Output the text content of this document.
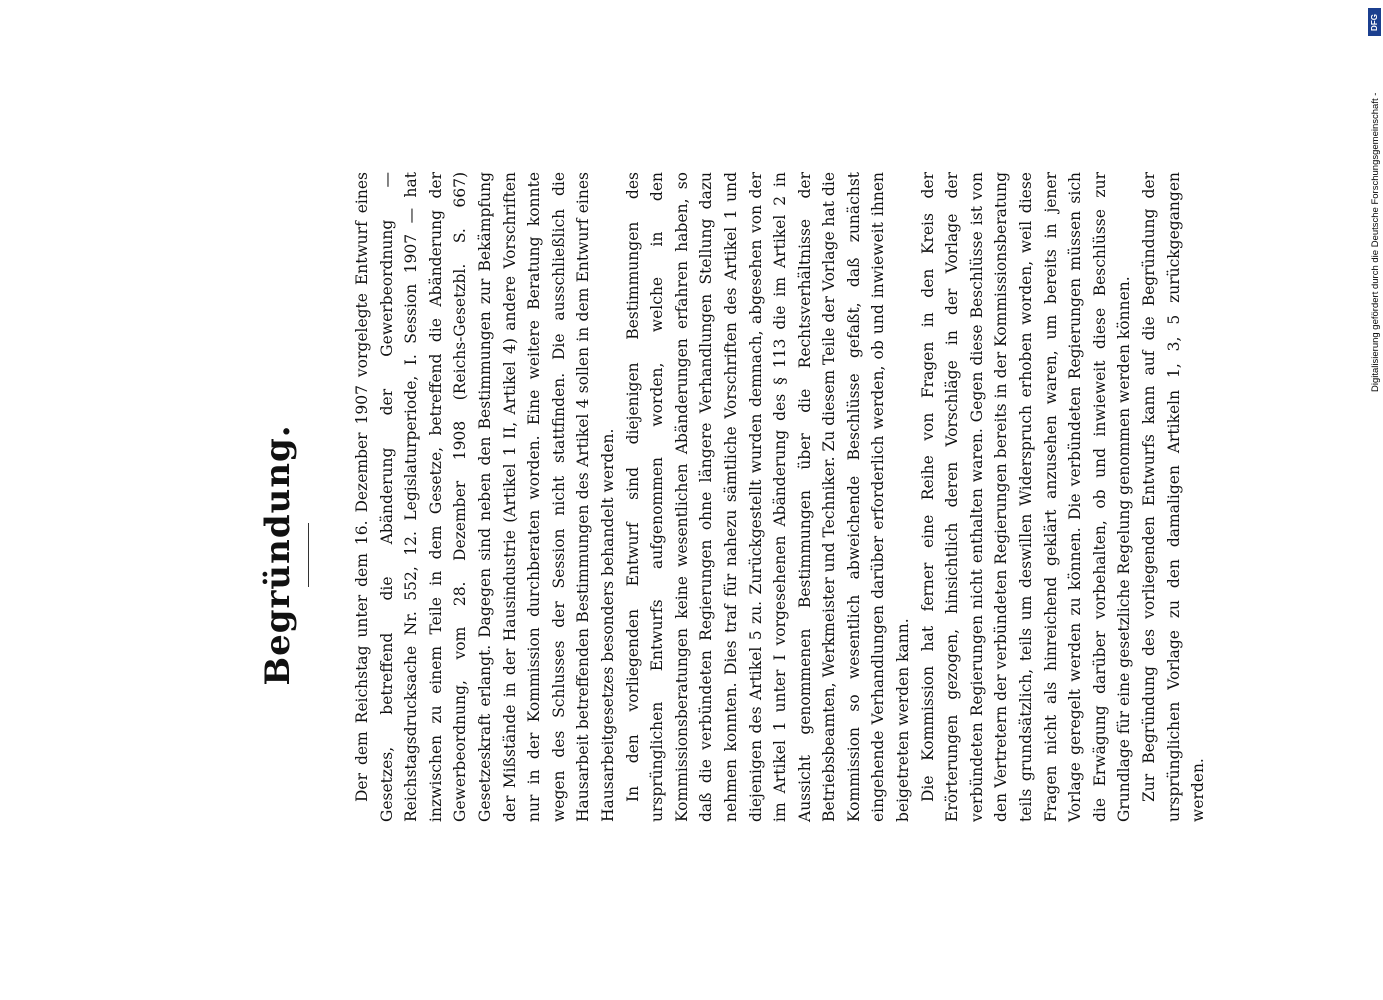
Begründung.	Der dem Reichstag unter dem 16. Dezember 1907 vorgelegte Entwurf eines Gesetzes, betreffend die Abänderung der Gewerbeordnung — Reichstagsdrucksache Nr. 552, 12. Legislaturperiode, I. Session 1907 — hat inzwischen zu einem Teile in dem Gesetze, betreffend die Abänderung der Gewerbeordnung, vom 28. Dezember 1908 (Reichs-Gesetzbl. S. 667) Gesetzeskraft erlangt. Dagegen sind neben den Bestimmungen zur Bekämpfung der Mißstände in der Hausindustrie (Artikel 1 II, Artikel 4) andere Vorschriften nur in der Kommission durchberaten worden. Eine weitere Beratung konnte wegen des Schlusses der Session nicht stattfinden. Die ausschließlich die Hausarbeit betreffenden Bestimmungen des Artikel 4 sollen in dem Entwurf eines Hausarbeitgesetzes besonders behandelt werden. In den vorliegenden Entwurf sind diejenigen Bestimmungen des ursprünglichen Entwurfs aufgenommen worden, welche in den Kommissionsberatungen keine wesentlichen Abänderungen erfahren haben, so daß die verbündeten Regierungen ohne längere Verhandlungen Stellung dazu nehmen konnten. Dies traf für nahezu sämtliche Vorschriften des Artikel 1 und diejenigen des Artikel 5 zu. Zurückgestellt wurden demnach, abgesehen von der im Artikel 1 unter I vorgesehenen Abänderung des § 113 die im Artikel 2 in Aussicht genommenen Bestimmungen über die Rechtsverhältnisse der Betriebsbeamten, Werkmeister und Techniker. Zu diesem Teile der Vorlage hat die Kommission so wesentlich abweichende Beschlüsse gefaßt, daß zunächst eingehende Verhandlungen darüber erforderlich werden, ob und inwieweit ihnen beigetreten werden kann. Die Kommission hat ferner eine Reihe von Fragen in den Kreis der Erörterungen gezogen, hinsichtlich deren Vorschläge in der Vorlage der verbündeten Regierungen nicht enthalten waren. Gegen diese Beschlüsse ist von den Vertretern der verbündeten Regierungen bereits in der Kommissionsberatung teils grundsätzlich, teils um deswillen Widerspruch erhoben worden, weil diese Fragen nicht als hinreichend geklärt anzusehen waren, um bereits in jener Vorlage geregelt werden zu können. Die verbündeten Regierungen müssen sich die Erwägung darüber vorbehalten, ob und inwieweit diese Beschlüsse zur Grundlage für eine gesetzliche Regelung genommen werden können. Zur Begründung des vorliegenden Entwurfs kann auf die Begründung der ursprünglichen Vorlage zu den damaligen Artikeln 1, 3, 5 zurückgegangen werden.

Digitalisierung gefördert durch die Deutsche Forschungsgemeinschaft -
DFG
